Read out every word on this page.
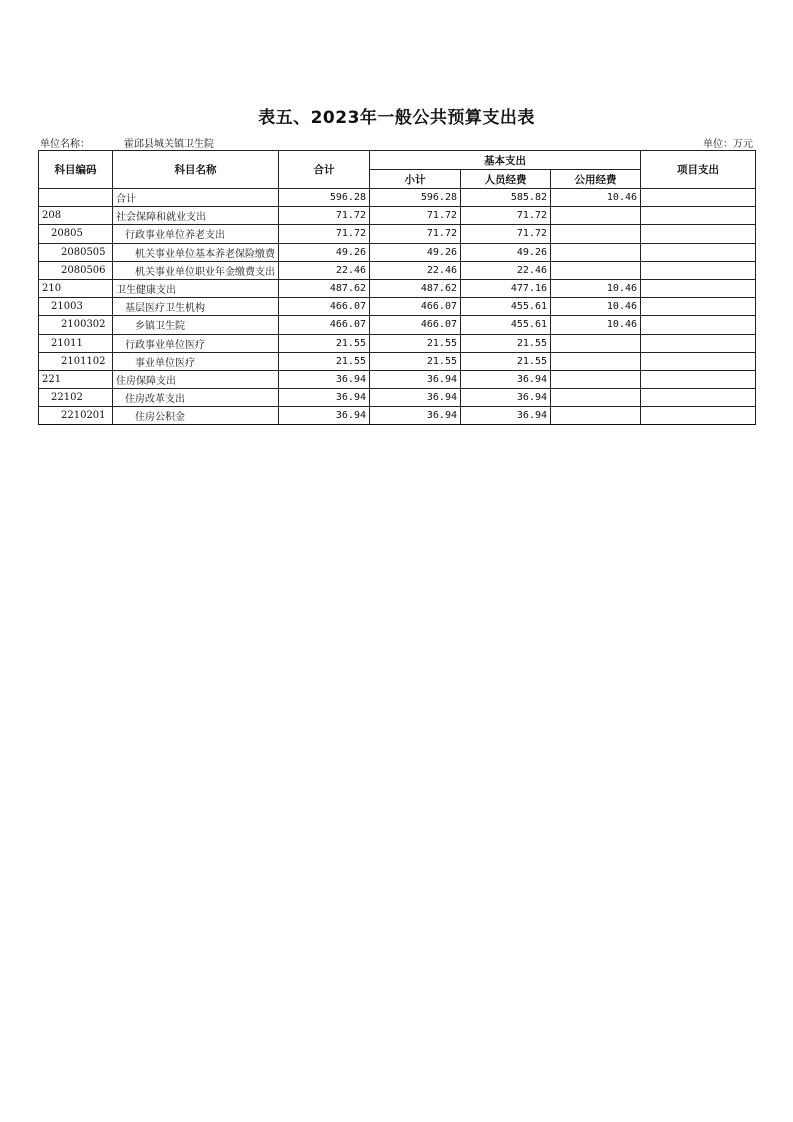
表五、2023年一般公共预算支出表
单位名称：	霍邱县城关镇卫生院	单位：万元
科目编码	科目名称	合计	基本支出			项目支出
			小计	人员经费	公用经费	
	合计	596.28	596.28	585.82	10.46	
208	社会保障和就业支出	71.72	71.72	71.72		
20805	行政事业单位养老支出	71.72	71.72	71.72		
2080505	机关事业单位基本养老保险缴费	49.26	49.26	49.26		
2080506	机关事业单位职业年金缴费支出	22.46	22.46	22.46		
210	卫生健康支出	487.62	487.62	477.16	10.46	
21003	基层医疗卫生机构	466.07	466.07	455.61	10.46	
2100302	乡镇卫生院	466.07	466.07	455.61	10.46	
21011	行政事业单位医疗	21.55	21.55	21.55		
2101102	事业单位医疗	21.55	21.55	21.55		
221	住房保障支出	36.94	36.94	36.94		
22102	住房改革支出	36.94	36.94	36.94		
2210201	住房公积金	36.94	36.94	36.94		
